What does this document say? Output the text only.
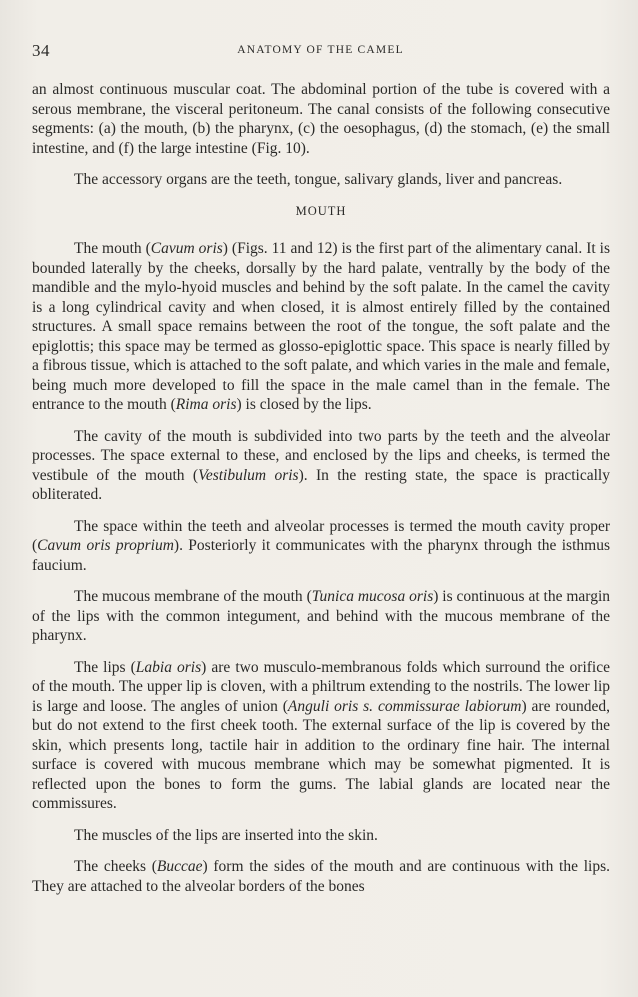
34	ANATOMY OF THE CAMEL

an almost continuous muscular coat. The abdominal portion of the tube is covered with a serous membrane, the visceral peritoneum. The canal consists of the following consecutive segments: (a) the mouth, (b) the pharynx, (c) the oesophagus, (d) the stomach, (e) the small intestine, and (f) the large intestine (Fig. 10).

The accessory organs are the teeth, tongue, salivary glands, liver and pancreas.

MOUTH

The mouth (Cavum oris) (Figs. 11 and 12) is the first part of the alimentary canal. It is bounded laterally by the cheeks, dorsally by the hard palate, ventrally by the body of the mandible and the mylo-hyoid muscles and behind by the soft palate. In the camel the cavity is a long cylindrical cavity and when closed, it is almost entirely filled by the contained structures. A small space remains between the root of the tongue, the soft palate and the epiglottis; this space may be termed as glosso-epiglottic space. This space is nearly filled by a fibrous tissue, which is attached to the soft palate, and which varies in the male and female, being much more developed to fill the space in the male camel than in the female. The entrance to the mouth (Rima oris) is closed by the lips.

The cavity of the mouth is subdivided into two parts by the teeth and the alveolar processes. The space external to these, and enclosed by the lips and cheeks, is termed the vestibule of the mouth (Vestibulum oris). In the resting state, the space is practically obliterated.

The space within the teeth and alveolar processes is termed the mouth cavity proper (Cavum oris proprium). Posteriorly it communicates with the pharynx through the isthmus faucium.

The mucous membrane of the mouth (Tunica mucosa oris) is continuous at the margin of the lips with the common integument, and behind with the mucous membrane of the pharynx.

The lips (Labia oris) are two musculo-membranous folds which surround the orifice of the mouth. The upper lip is cloven, with a philtrum extending to the nostrils. The lower lip is large and loose. The angles of union (Anguli oris s. commissurae labiorum) are rounded, but do not extend to the first cheek tooth. The external surface of the lip is covered by the skin, which presents long, tactile hair in addition to the ordinary fine hair. The internal surface is covered with mucous membrane which may be somewhat pigmented. It is reflected upon the bones to form the gums. The labial glands are located near the commissures.

The muscles of the lips are inserted into the skin.

The cheeks (Buccae) form the sides of the mouth and are continuous with the lips. They are attached to the alveolar borders of the bones
